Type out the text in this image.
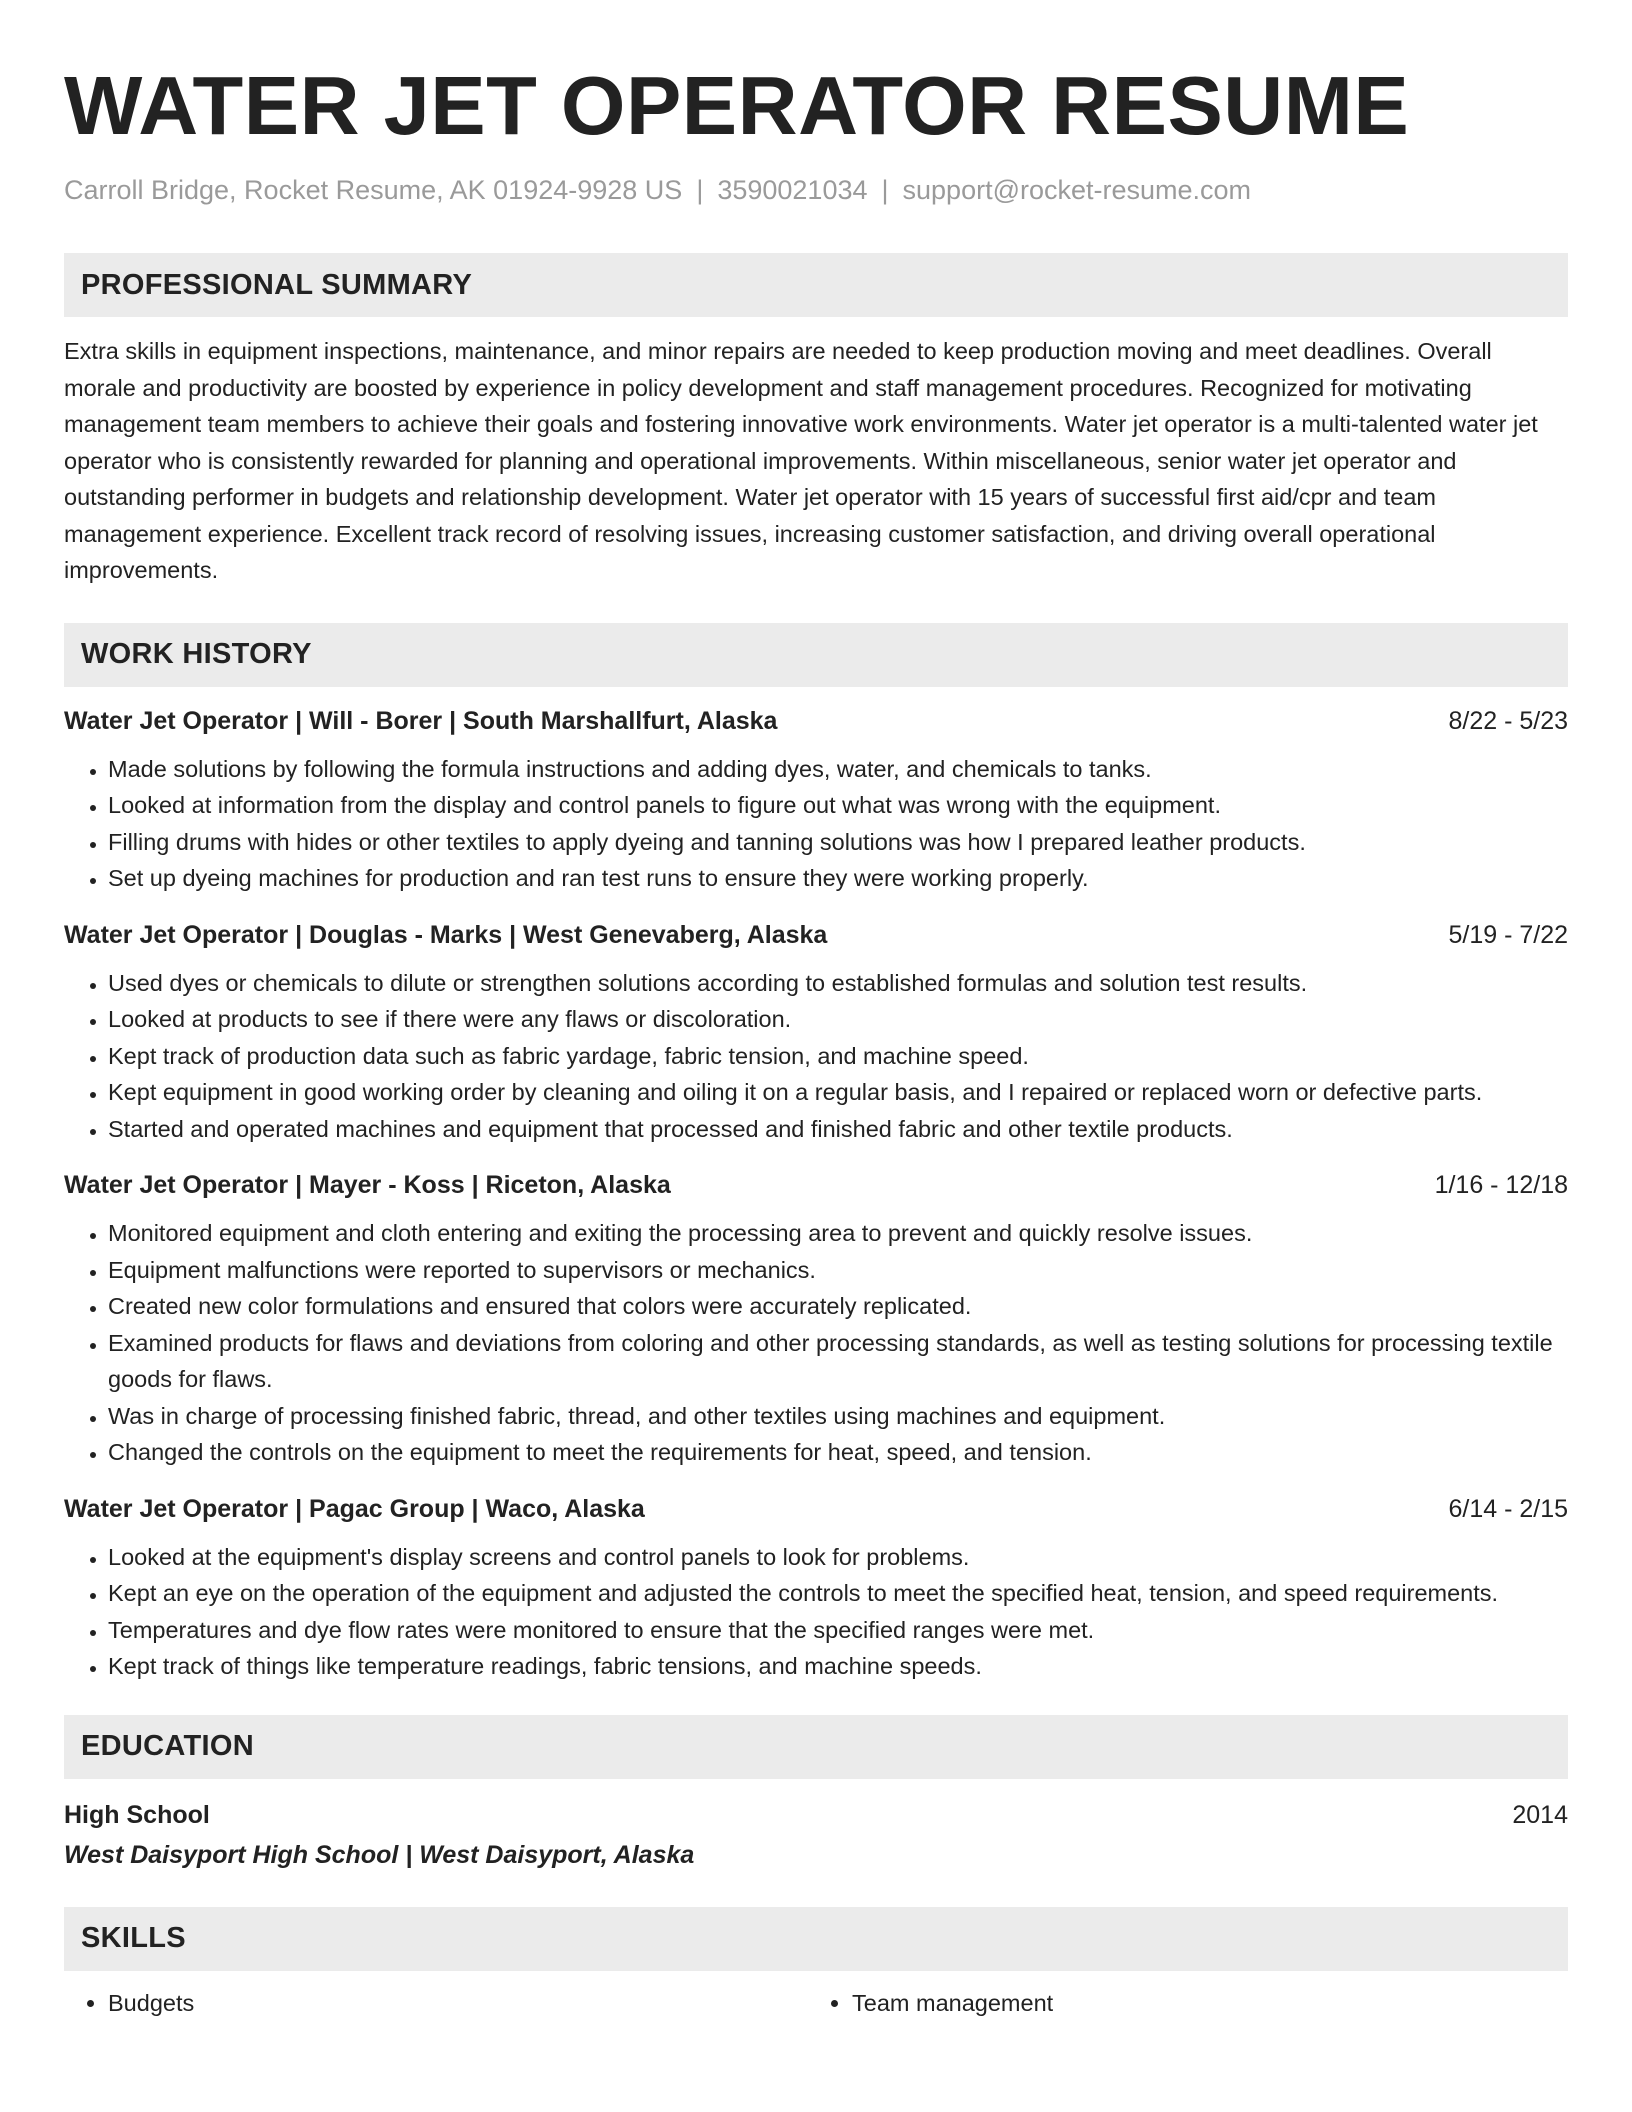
WATER JET OPERATOR RESUME
Carroll Bridge, Rocket Resume, AK 01924-9928 US | 3590021034 | support@rocket-resume.com
PROFESSIONAL SUMMARY

Extra skills in equipment inspections, maintenance, and minor repairs are needed to keep production moving and meet deadlines. Overall morale and productivity are boosted by experience in policy development and staff management procedures. Recognized for motivating management team members to achieve their goals and fostering innovative work environments. Water jet operator is a multi-talented water jet operator who is consistently rewarded for planning and operational improvements. Within miscellaneous, senior water jet operator and outstanding performer in budgets and relationship development. Water jet operator with 15 years of successful first aid/cpr and team management experience. Excellent track record of resolving issues, increasing customer satisfaction, and driving overall operational improvements.

WORK HISTORY
Water Jet Operator | Will - Borer | South Marshallfurt, Alaska	8/22 - 5/23
• Made solutions by following the formula instructions and adding dyes, water, and chemicals to tanks.
• Looked at information from the display and control panels to figure out what was wrong with the equipment.
• Filling drums with hides or other textiles to apply dyeing and tanning solutions was how I prepared leather products.
• Set up dyeing machines for production and ran test runs to ensure they were working properly.
Water Jet Operator | Douglas - Marks | West Genevaberg, Alaska	5/19 - 7/22
• Used dyes or chemicals to dilute or strengthen solutions according to established formulas and solution test results.
• Looked at products to see if there were any flaws or discoloration.
• Kept track of production data such as fabric yardage, fabric tension, and machine speed.
• Kept equipment in good working order by cleaning and oiling it on a regular basis, and I repaired or replaced worn or defective parts.
• Started and operated machines and equipment that processed and finished fabric and other textile products.
Water Jet Operator | Mayer - Koss | Riceton, Alaska	1/16 - 12/18
• Monitored equipment and cloth entering and exiting the processing area to prevent and quickly resolve issues.
• Equipment malfunctions were reported to supervisors or mechanics.
• Created new color formulations and ensured that colors were accurately replicated.
• Examined products for flaws and deviations from coloring and other processing standards, as well as testing solutions for processing textile goods for flaws.
• Was in charge of processing finished fabric, thread, and other textiles using machines and equipment.
• Changed the controls on the equipment to meet the requirements for heat, speed, and tension.
Water Jet Operator | Pagac Group | Waco, Alaska	6/14 - 2/15
• Looked at the equipment's display screens and control panels to look for problems.
• Kept an eye on the operation of the equipment and adjusted the controls to meet the specified heat, tension, and speed requirements.
• Temperatures and dye flow rates were monitored to ensure that the specified ranges were met.
• Kept track of things like temperature readings, fabric tensions, and machine speeds.
EDUCATION
High School	2014
West Daisyport High School | West Daisyport, Alaska
SKILLS
• Budgets
•	Team management
